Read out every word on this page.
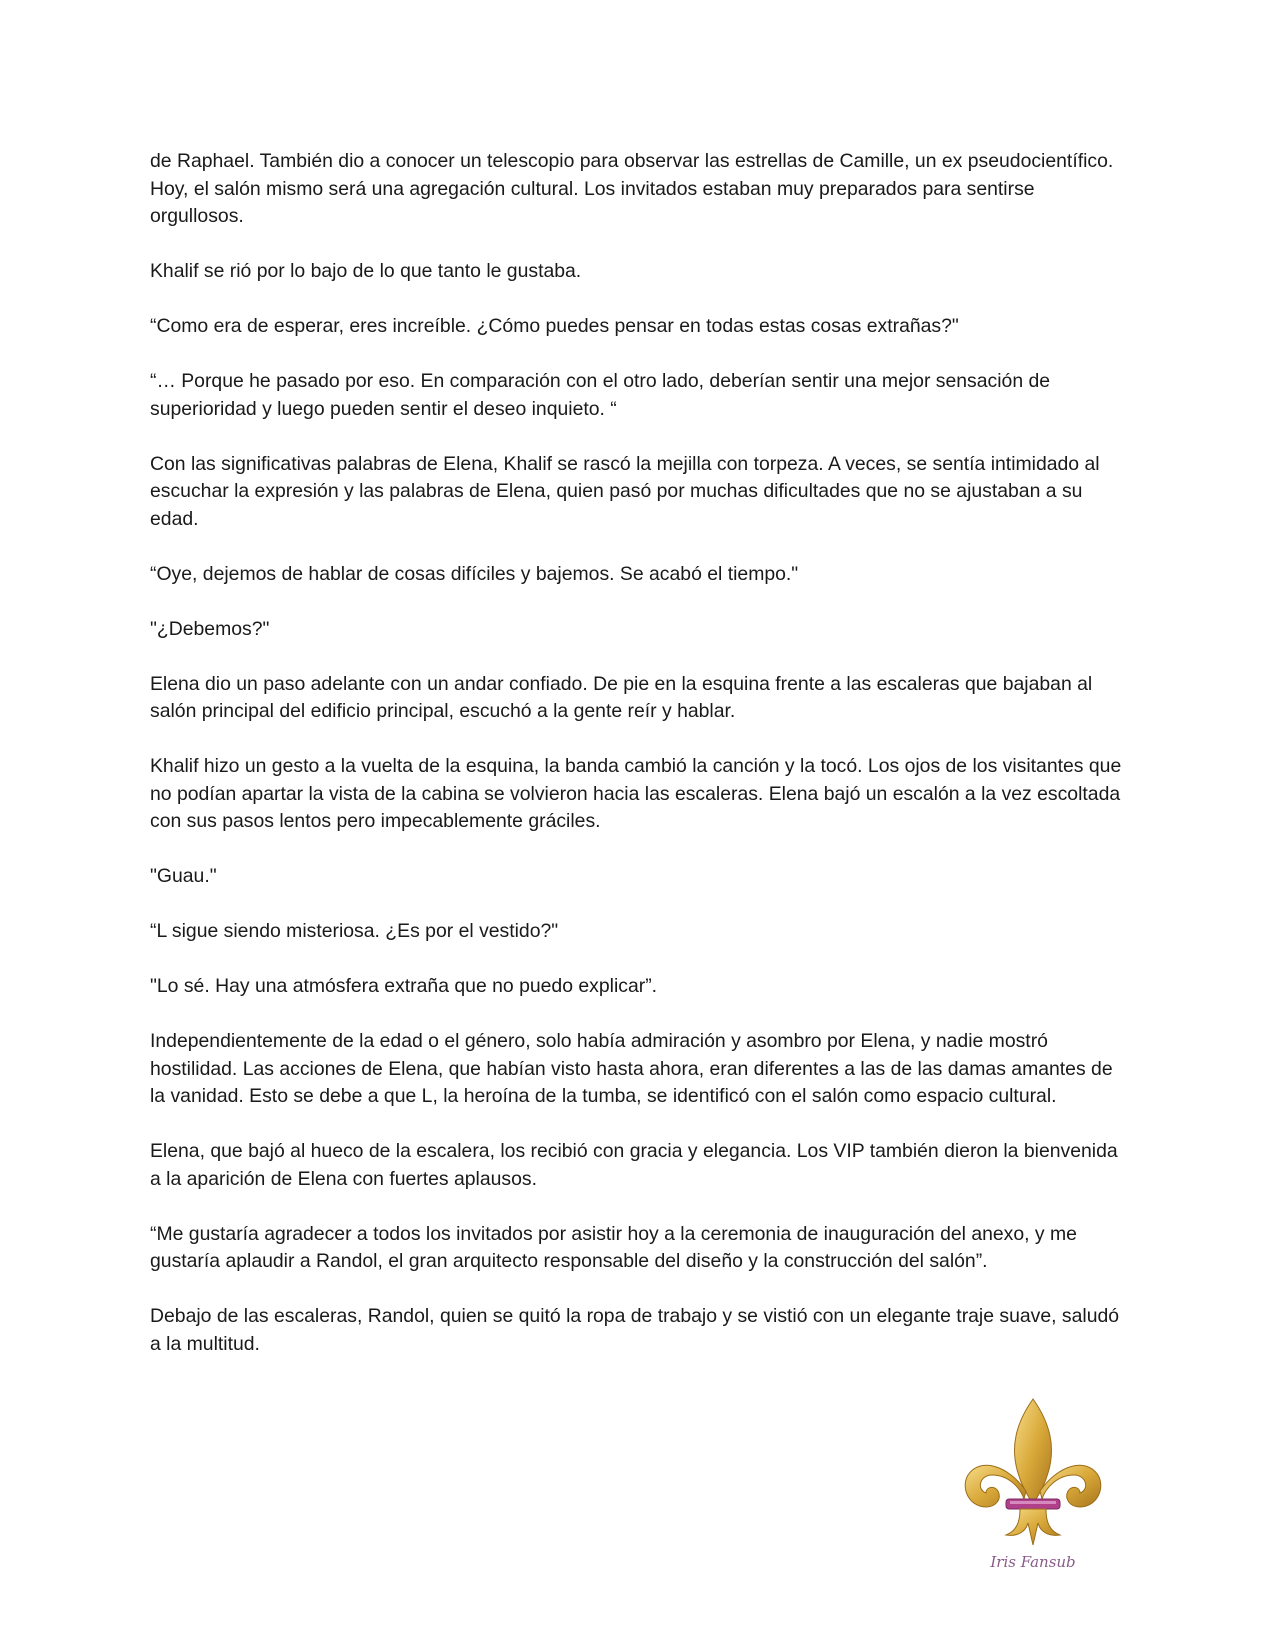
de Raphael. También dio a conocer un telescopio para observar las estrellas de Camille, un ex pseudocientífico. Hoy, el salón mismo será una agregación cultural. Los invitados estaban muy preparados para sentirse orgullosos.

Khalif se rió por lo bajo de lo que tanto le gustaba.

“Como era de esperar, eres increíble. ¿Cómo puedes pensar en todas estas cosas extrañas?"

“… Porque he pasado por eso. En comparación con el otro lado, deberían sentir una mejor sensación de superioridad y luego pueden sentir el deseo inquieto. “

Con las significativas palabras de Elena, Khalif se rascó la mejilla con torpeza. A veces, se sentía intimidado al escuchar la expresión y las palabras de Elena, quien pasó por muchas dificultades que no se ajustaban a su edad.

“Oye, dejemos de hablar de cosas difíciles y bajemos. Se acabó el tiempo."

"¿Debemos?"

Elena dio un paso adelante con un andar confiado. De pie en la esquina frente a las escaleras que bajaban al salón principal del edificio principal, escuchó a la gente reír y hablar.

Khalif hizo un gesto a la vuelta de la esquina, la banda cambió la canción y la tocó. Los ojos de los visitantes que no podían apartar la vista de la cabina se volvieron hacia las escaleras. Elena bajó un escalón a la vez escoltada con sus pasos lentos pero impecablemente gráciles.

"Guau."

“L sigue siendo misteriosa. ¿Es por el vestido?"

"Lo sé. Hay una atmósfera extraña que no puedo explicar”.

Independientemente de la edad o el género, solo había admiración y asombro por Elena, y nadie mostró hostilidad. Las acciones de Elena, que habían visto hasta ahora, eran diferentes a las de las damas amantes de la vanidad. Esto se debe a que L, la heroína de la tumba, se identificó con el salón como espacio cultural.

Elena, que bajó al hueco de la escalera, los recibió con gracia y elegancia. Los VIP también dieron la bienvenida a la aparición de Elena con fuertes aplausos.

“Me gustaría agradecer a todos los invitados por asistir hoy a la ceremonia de inauguración del anexo, y me gustaría aplaudir a Randol, el gran arquitecto responsable del diseño y la construcción del salón”.

Debajo de las escaleras, Randol, quien se quitó la ropa de trabajo y se vistió con un elegante traje suave, saludó a la multitud.

Iris Fansub
